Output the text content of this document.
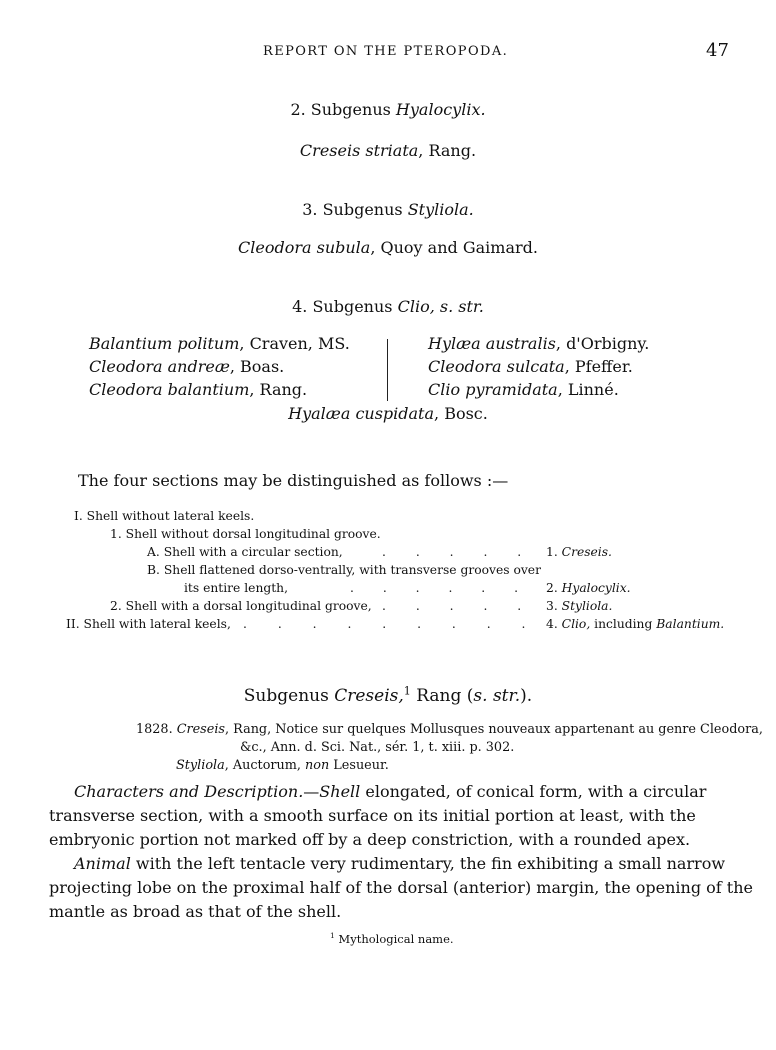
REPORT ON THE PTEROPODA.	47
2. Subgenus Hyalocylix.
Creseis striata, Rang.
3. Subgenus Styliola.
Cleodora subula, Quoy and Gaimard.
4. Subgenus Clio, s. str.
Balantium politum, Craven, MS.
Cleodora andreæ, Boas.
Cleodora balantium, Rang.
Hylæa australis, d'Orbigny.
Cleodora sulcata, Pfeffer.
Clio pyramidata, Linné.
Hyalæa cuspidata, Bosc.
The four sections may be distinguished as follows :—
I. Shell without lateral keels.
1. Shell without dorsal longitudinal groove.
A. Shell with a circular section,	. . . . .	1. Creseis.
B. Shell flattened dorso-ventrally, with transverse grooves over
its entire length,	. . . . . .	2. Hyalocylix.
2. Shell with a dorsal longitudinal groove, . . . . .	3. Styliola.
II. Shell with lateral keels, . . . . . . . . .	4. Clio, including Balantium.
Subgenus Creseis,$^1$ Rang (s. str.).
1828. Creseis, Rang, Notice sur quelques Mollusques nouveaux appartenant au genre Cleodora,
&c., Ann. d. Sci. Nat., sér. 1, t. xiii. p. 302.
Styliola, Auctorum, non Lesueur.
Characters and Description.—Shell elongated, of conical form, with a circular
transverse section, with a smooth surface on its initial portion at least, with the
embryonic portion not marked off by a deep constriction, with a rounded apex.
Animal with the left tentacle very rudimentary, the fin exhibiting a small narrow
projecting lobe on the proximal half of the dorsal (anterior) margin, the opening of the
mantle as broad as that of the shell.
$^1$ Mythological name.
